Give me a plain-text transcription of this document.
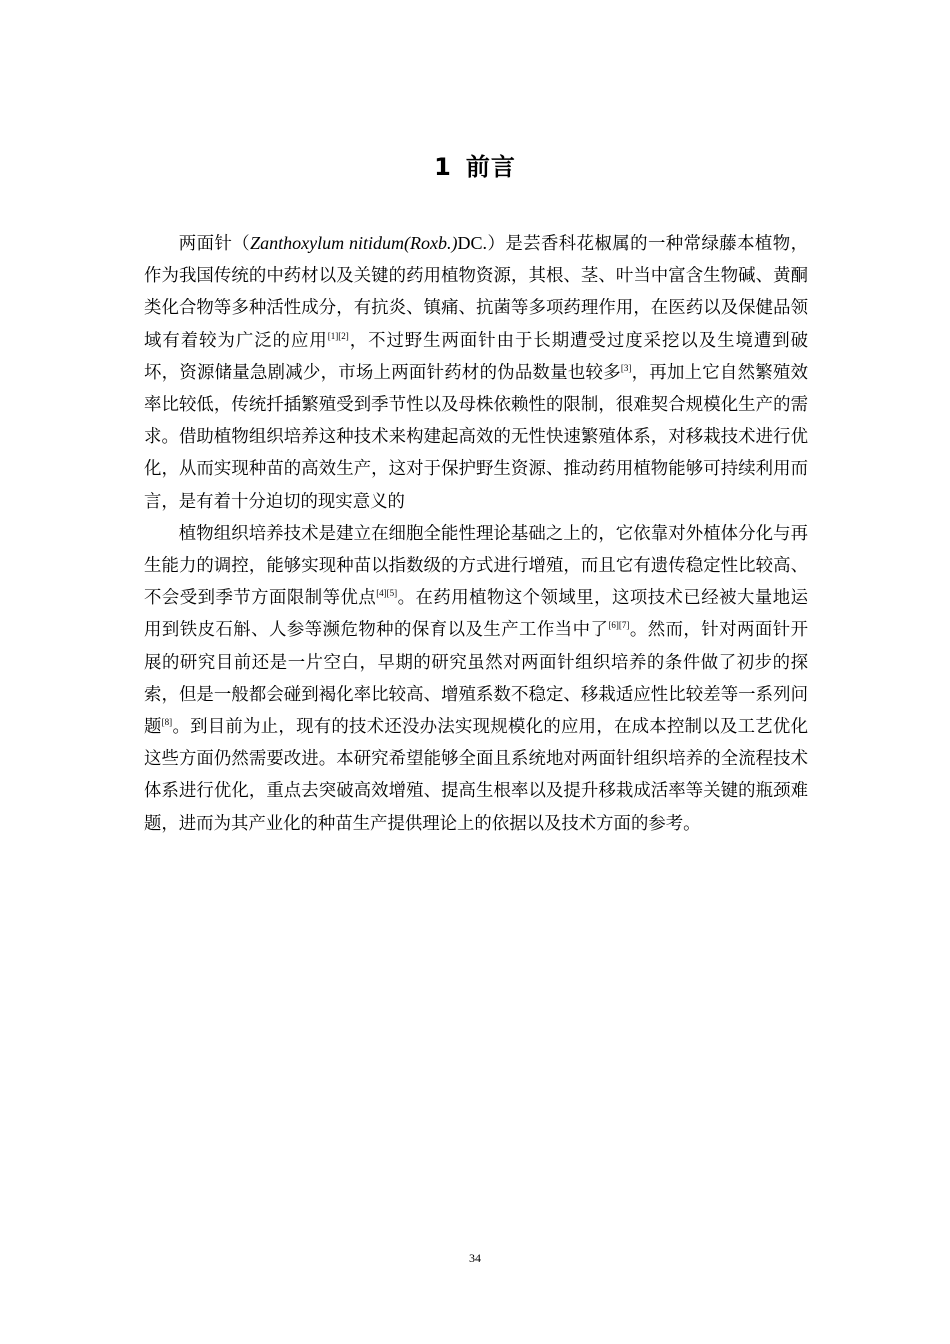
1 前言

两面针（Zanthoxylum nitidum(Roxb.)DC.）是芸香科花椒属的一种常绿藤本植物，作为我国传统的中药材以及关键的药用植物资源，其根、茎、叶当中富含生物碱、黄酮类化合物等多种活性成分，有抗炎、镇痛、抗菌等多项药理作用，在医药以及保健品领域有着较为广泛的应用[1][2]，不过野生两面针由于长期遭受过度采挖以及生境遭到破坏，资源储量急剧减少，市场上两面针药材的伪品数量也较多[3]，再加上它自然繁殖效率比较低，传统扦插繁殖受到季节性以及母株依赖性的限制，很难契合规模化生产的需求。借助植物组织培养这种技术来构建起高效的无性快速繁殖体系，对移栽技术进行优化，从而实现种苗的高效生产，这对于保护野生资源、推动药用植物能够可持续利用而言，是有着十分迫切的现实意义的

植物组织培养技术是建立在细胞全能性理论基础之上的，它依靠对外植体分化与再生能力的调控，能够实现种苗以指数级的方式进行增殖，而且它有遗传稳定性比较高、不会受到季节方面限制等优点[4][5]。在药用植物这个领域里，这项技术已经被大量地运用到铁皮石斛、人参等濒危物种的保育以及生产工作当中了[6][7]。然而，针对两面针开展的研究目前还是一片空白，早期的研究虽然对两面针组织培养的条件做了初步的探索，但是一般都会碰到褐化率比较高、增殖系数不稳定、移栽适应性比较差等一系列问题[8]。到目前为止，现有的技术还没办法实现规模化的应用，在成本控制以及工艺优化这些方面仍然需要改进。本研究希望能够全面且系统地对两面针组织培养的全流程技术体系进行优化，重点去突破高效增殖、提高生根率以及提升移栽成活率等关键的瓶颈难题，进而为其产业化的种苗生产提供理论上的依据以及技术方面的参考。

34
